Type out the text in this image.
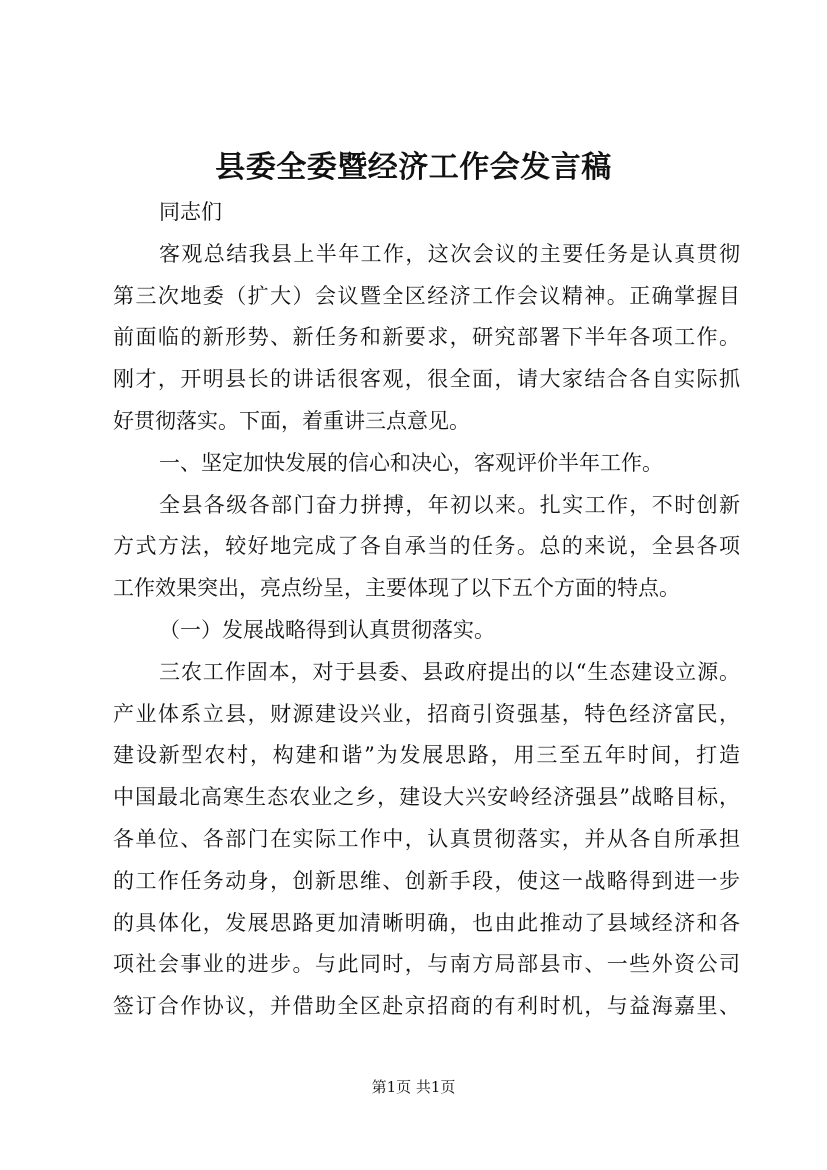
县委全委暨经济工作会发言稿
同志们
客观总结我县上半年工作，这次会议的主要任务是认真贯彻
第三次地委（扩大）会议暨全区经济工作会议精神。正确掌握目
前面临的新形势、新任务和新要求，研究部署下半年各项工作。
刚才，开明县长的讲话很客观，很全面，请大家结合各自实际抓
好贯彻落实。下面，着重讲三点意见。
一、坚定加快发展的信心和决心，客观评价半年工作。
全县各级各部门奋力拼搏，年初以来。扎实工作，不时创新
方式方法，较好地完成了各自承当的任务。总的来说，全县各项
工作效果突出，亮点纷呈，主要体现了以下五个方面的特点。
（一）发展战略得到认真贯彻落实。
三农工作固本，对于县委、县政府提出的以“生态建设立源。
产业体系立县，财源建设兴业，招商引资强基，特色经济富民，
建设新型农村，构建和谐”为发展思路，用三至五年时间，打造
中国最北高寒生态农业之乡，建设大兴安岭经济强县”战略目标，
各单位、各部门在实际工作中，认真贯彻落实，并从各自所承担
的工作任务动身，创新思维、创新手段，使这一战略得到进一步
的具体化，发展思路更加清晰明确，也由此推动了县域经济和各
项社会事业的进步。与此同时，与南方局部县市、一些外资公司
签订合作协议，并借助全区赴京招商的有利时机，与益海嘉里、
第1页 共1页
